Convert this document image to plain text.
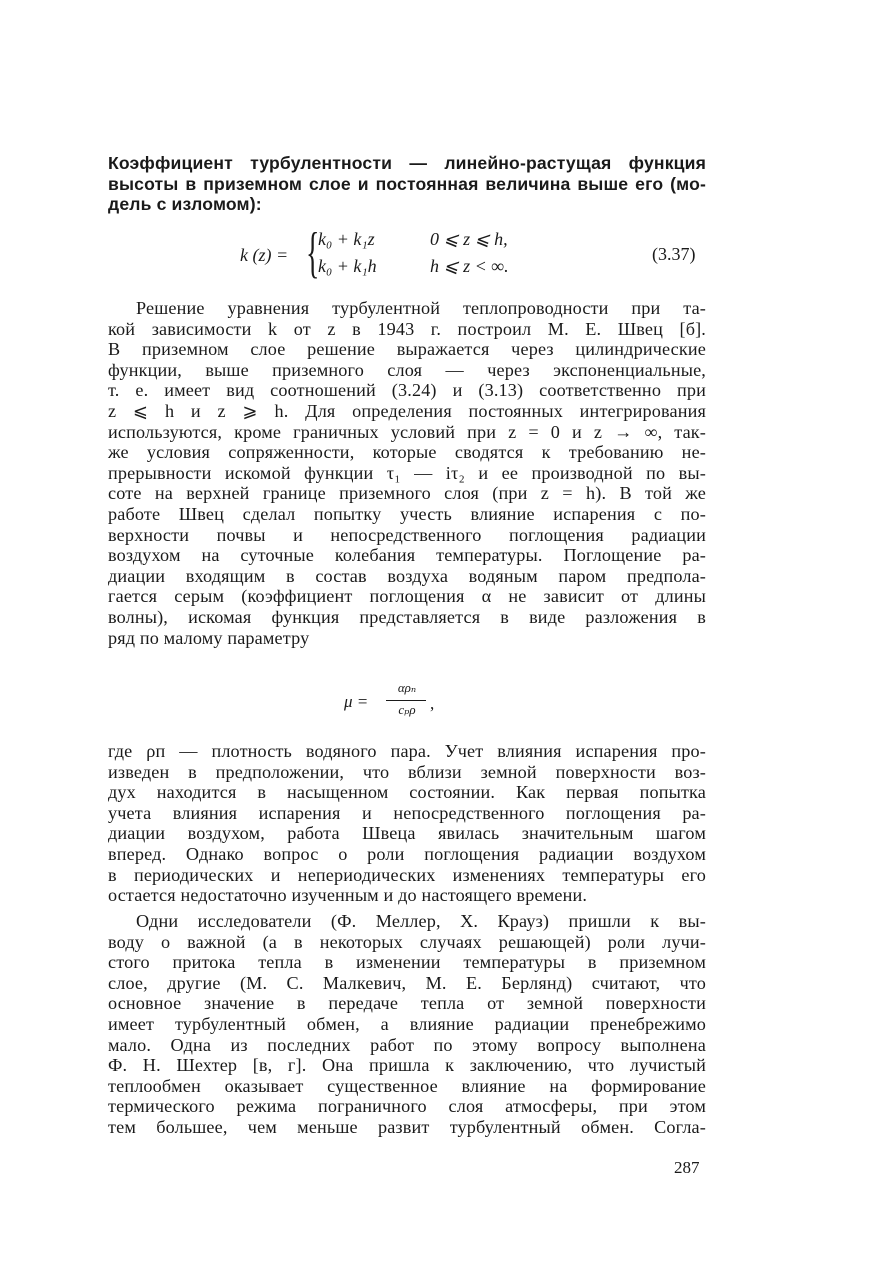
Коэффициент турбулентности — линейно-растущая функция
высоты в приземном слое и постоянная величина выше его (мо-
дель с изломом):
k (z) = {
k₀ + k₁z	0 ⩽ z ⩽ h,
k₀ + k₁h	h ⩽ z < ∞.
(3.37)
Решение уравнения турбулентной теплопроводности при та-
кой зависимости k от z в 1943 г. построил М. Е. Швец [б].
В приземном слое решение выражается через цилиндрические
функции, выше приземного слоя — через экспоненциальные,
т. е. имеет вид соотношений (3.24) и (3.13) соответственно при
z ⩽ h и z ⩾ h. Для определения постоянных интегрирования
используются, кроме граничных условий при z = 0 и z → ∞, так-
же условия сопряженности, которые сводятся к требованию не-
прерывности искомой функции τ₁ — iτ₂ и ее производной по вы-
соте на верхней границе приземного слоя (при z = h). В той же
работе Швец сделал попытку учесть влияние испарения с по-
верхности почвы и непосредственного поглощения радиации
воздухом на суточные колебания температуры. Поглощение ра-
диации входящим в состав воздуха водяным паром предпола-
гается серым (коэффициент поглощения α не зависит от длины
волны), искомая функция представляется в виде разложения в
ряд по малому параметру
μ =
αρₙ
cₚρ ,
где ρп — плотность водяного пара. Учет влияния испарения про-
изведен в предположении, что вблизи земной поверхности воз-
дух находится в насыщенном состоянии. Как первая попытка
учета влияния испарения и непосредственного поглощения ра-
диации воздухом, работа Швеца явилась значительным шагом
вперед. Однако вопрос о роли поглощения радиации воздухом
в периодических и непериодических изменениях температуры его
остается недостаточно изученным и до настоящего времени.
Одни исследователи (Ф. Меллер, Х. Крауз) пришли к вы-
воду о важной (а в некоторых случаях решающей) роли лучи-
стого притока тепла в изменении температуры в приземном
слое, другие (М. С. Малкевич, М. Е. Берлянд) считают, что
основное значение в передаче тепла от земной поверхности
имеет турбулентный обмен, а влияние радиации пренебрежимо
мало. Одна из последних работ по этому вопросу выполнена
Ф. Н. Шехтер [в, г]. Она пришла к заключению, что лучистый
теплообмен оказывает существенное влияние на формирование
термического режима пограничного слоя атмосферы, при этом
тем большее, чем меньше развит турбулентный обмен. Согла-
287
